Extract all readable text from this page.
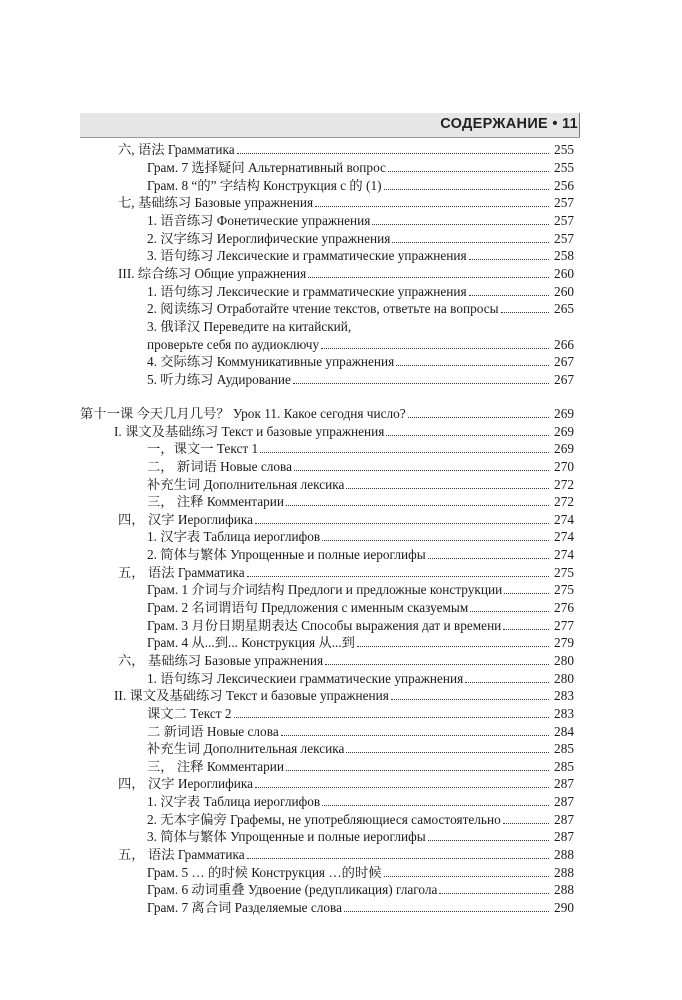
СОДЕРЖАНИЕ • 11
六, 语法 Грамматика	255
Грам. 7 选择疑问 Альтернативный вопрос	255
Грам. 8 “的” 字结构 Конструкция с 的 (1)	256
七, 基础练习 Базовые упражнения	257
1. 语音练习 Фонетические упражнения	257
2. 汉字练习 Иероглифические упражнения	257
3. 语句练习 Лексические и грамматические упражнения	258
III. 综合练习 Общие упражнения	260
1. 语句练习 Лексические и грамматические упражнения	260
2. 阅读练习 Отработайте чтение текстов, ответьте на вопросы	265
3. 俄译汉 Переведите на китайский,
проверьте себя по аудиоключу	266
4. 交际练习 Коммуникативные упражнения	267
5. 听力练习 Аудирование	267
第十一课 今天几月几号？ Урок 11. Какое сегодня число?	269
I. 课文及基础练习 Текст и базовые упражнения	269
一，课文一 Текст 1	269
二， 新词语 Новые слова	270
补充生词 Дополнительная лексика	272
三， 注释 Комментарии	272
四， 汉字 Иероглифика	274
1. 汉字表 Таблица иероглифов	274
2. 简体与繁体 Упрощенные и полные иероглифы	274
五， 语法 Грамматика	275
Грам. 1 介词与介词结构 Предлоги и предложные конструкции	275
Грам. 2 名词谓语句 Предложения с именным сказуемым	276
Грам. 3 月份日期星期表达 Способы выражения дат и времени	277
Грам. 4 从...到... Конструкция 从...到	279
六， 基础练习 Базовые упражнения	280
1. 语句练习 Лексическиеи грамматические упражнения	280
II. 课文及基础练习 Текст и базовые упражнения	283
课文二 Текст 2	283
二 新词语 Новые слова	284
补充生词 Дополнительная лексика	285
三， 注释 Комментарии	285
四， 汉字 Иероглифика	287
1. 汉字表 Таблица иероглифов	287
2. 无本字偏旁 Графемы, не употребляющиеся самостоятельно	287
3. 简体与繁体 Упрощенные и полные иероглифы	287
五， 语法 Грамматика	288
Грам. 5 … 的时候 Конструкция …的时候	288
Грам. 6 动词重叠 Удвоение (редупликация) глагола	288
Грам. 7 离合词 Разделяемые слова	290
